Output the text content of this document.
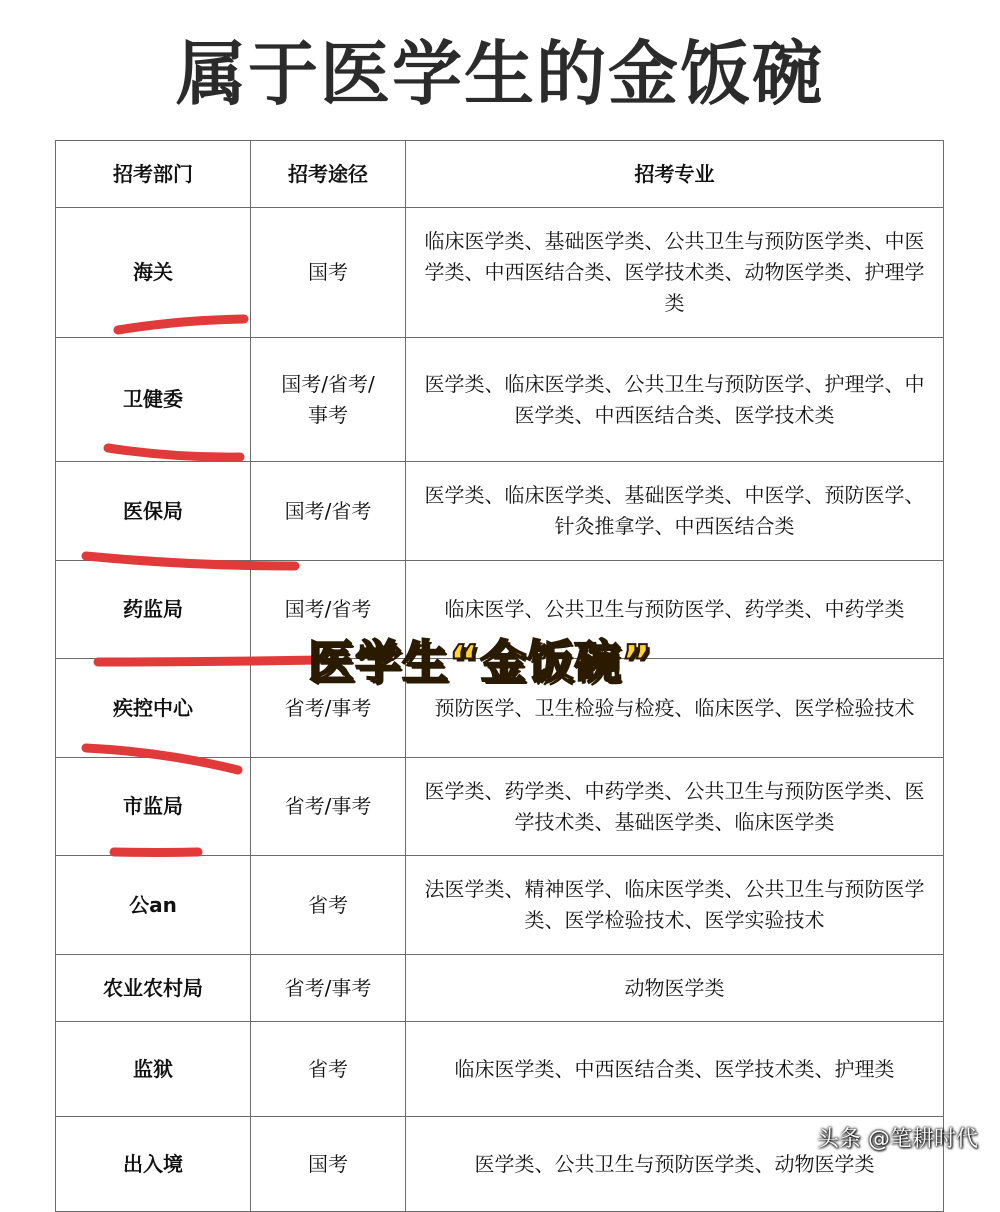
属于医学生的金饭碗
招考部门	招考途径	招考专业
海关	国考	临床医学类、基础医学类、公共卫生与预防医学类、中医学类、中西医结合类、医学技术类、动物医学类、护理学类
卫健委	国考/省考/事考	医学类、临床医学类、公共卫生与预防医学、护理学、中医学类、中西医结合类、医学技术类
医保局	国考/省考	医学类、临床医学类、基础医学类、中医学、预防医学、针灸推拿学、中西医结合类
药监局	国考/省考	临床医学、公共卫生与预防医学、药学类、中药学类
疾控中心	省考/事考	预防医学、卫生检验与检疫、临床医学、医学检验技术
市监局	省考/事考	医学类、药学类、中药学类、公共卫生与预防医学类、医学技术类、基础医学类、临床医学类
公an	省考	法医学类、精神医学、临床医学类、公共卫生与预防医学类、医学检验技术、医学实验技术
农业农村局	省考/事考	动物医学类
监狱	省考	临床医学类、中西医结合类、医学技术类、护理类
出入境	国考	医学类、公共卫生与预防医学类、动物医学类
医学生“金饭碗”
头条 @笔耕时代
